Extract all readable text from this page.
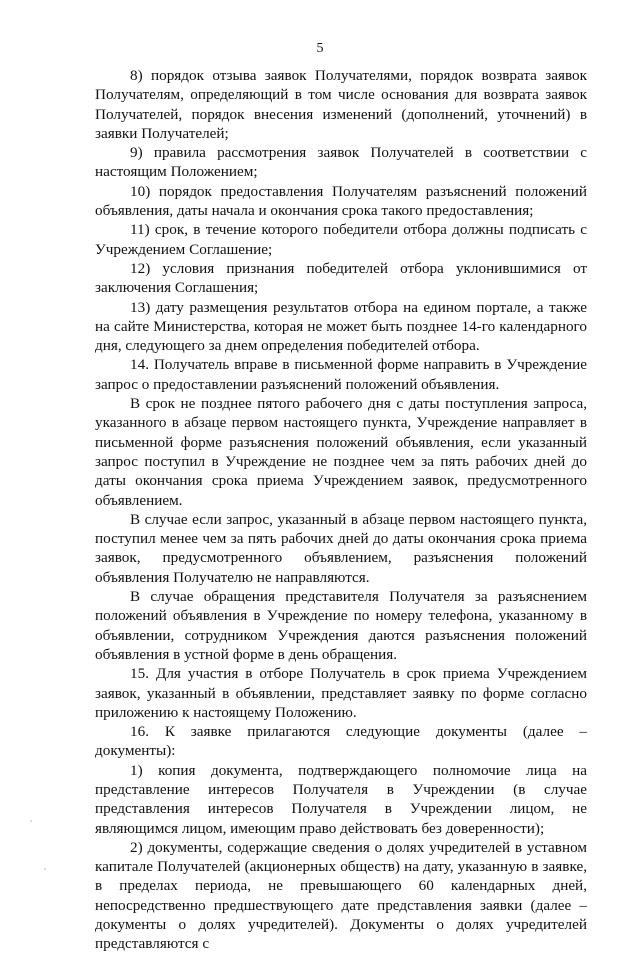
5

8) порядок отзыва заявок Получателями, порядок возврата заявок Получателям, определяющий в том числе основания для возврата заявок Получателей, порядок внесения изменений (дополнений, уточнений) в заявки Получателей;

9) правила рассмотрения заявок Получателей в соответствии с настоящим Положением;

10) порядок предоставления Получателям разъяснений положений объявления, даты начала и окончания срока такого предоставления;

11) срок, в течение которого победители отбора должны подписать с Учреждением Соглашение;

12) условия признания победителей отбора уклонившимися от заключения Соглашения;

13) дату размещения результатов отбора на едином портале, а также на сайте Министерства, которая не может быть позднее 14-го календарного дня, следующего за днем определения победителей отбора.

14. Получатель вправе в письменной форме направить в Учреждение запрос о предоставлении разъяснений положений объявления.

В срок не позднее пятого рабочего дня с даты поступления запроса, указанного в абзаце первом настоящего пункта, Учреждение направляет в письменной форме разъяснения положений объявления, если указанный запрос поступил в Учреждение не позднее чем за пять рабочих дней до даты окончания срока приема Учреждением заявок, предусмотренного объявлением.

В случае если запрос, указанный в абзаце первом настоящего пункта, поступил менее чем за пять рабочих дней до даты окончания срока приема заявок, предусмотренного объявлением, разъяснения положений объявления Получателю не направляются.

В случае обращения представителя Получателя за разъяснением положений объявления в Учреждение по номеру телефона, указанному в объявлении, сотрудником Учреждения даются разъяснения положений объявления в устной форме в день обращения.

15. Для участия в отборе Получатель в срок приема Учреждением заявок, указанный в объявлении, представляет заявку по форме согласно приложению к настоящему Положению.

16. К заявке прилагаются следующие документы (далее – документы):

1) копия документа, подтверждающего полномочие лица на представление интересов Получателя в Учреждении (в случае представления интересов Получателя в Учреждении лицом, не являющимся лицом, имеющим право действовать без доверенности);

2) документы, содержащие сведения о долях учредителей в уставном капитале Получателей (акционерных обществ) на дату, указанную в заявке, в пределах периода, не превышающего 60 календарных дней, непосредственно предшествующего дате представления заявки (далее – документы о долях учредителей). Документы о долях учредителей представляются с
